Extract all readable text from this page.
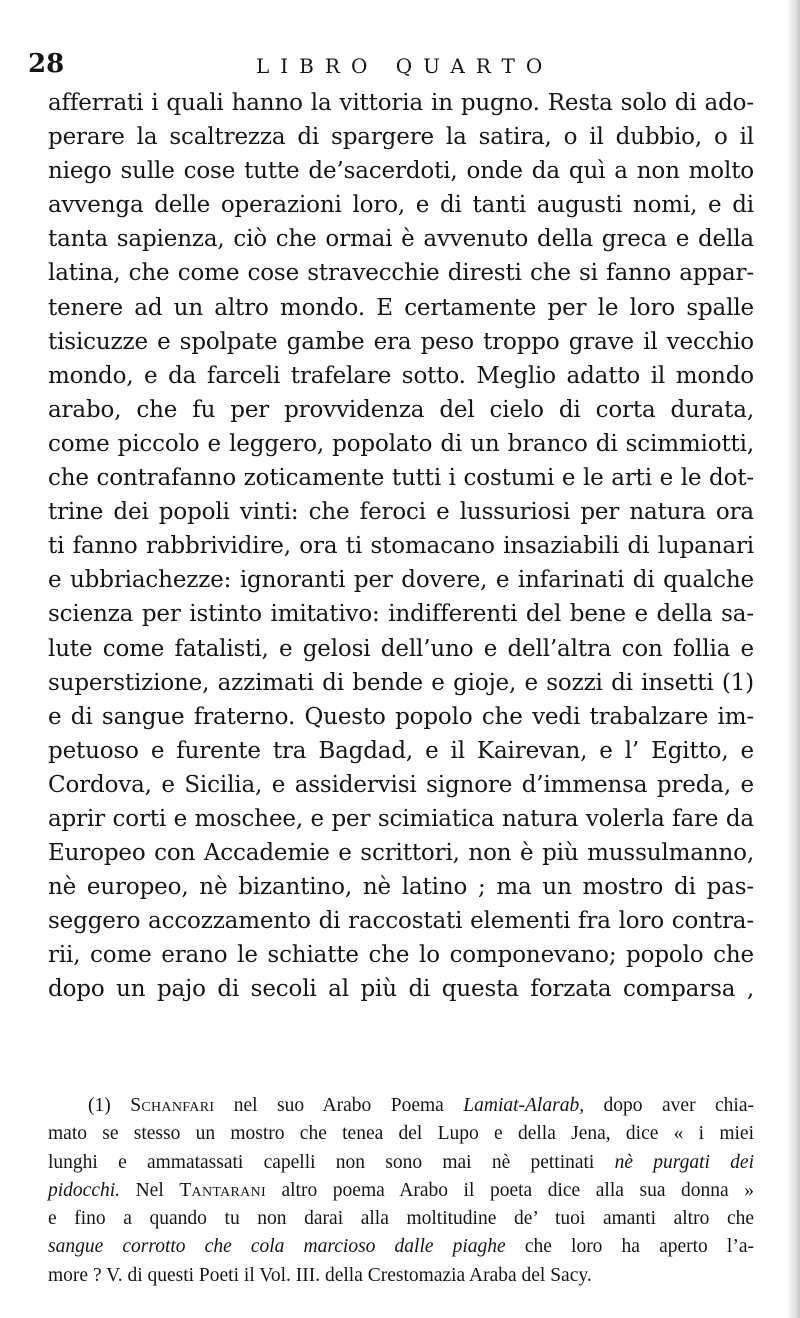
28	LIBRO QUARTO
afferrati i quali hanno la vittoria in pugno. Resta solo di ado-
perare la scaltrezza di spargere la satira, o il dubbio, o il
niego sulle cose tutte de’sacerdoti, onde da quì a non molto
avvenga delle operazioni loro, e di tanti augusti nomi, e di
tanta sapienza, ciò che ormai è avvenuto della greca e della
latina, che come cose stravecchie diresti che si fanno appar-
tenere ad un altro mondo. E certamente per le loro spalle
tisicuzze e spolpate gambe era peso troppo grave il vecchio
mondo, e da farceli trafelare sotto. Meglio adatto il mondo
arabo, che fu per provvidenza del cielo di corta durata,
come piccolo e leggero, popolato di un branco di scimmiotti,
che contrafanno zoticamente tutti i costumi e le arti e le dot-
trine dei popoli vinti: che feroci e lussuriosi per natura ora
ti fanno rabbrividire, ora ti stomacano insaziabili di lupanari
e ubbriachezze: ignoranti per dovere, e infarinati di qualche
scienza per istinto imitativo: indifferenti del bene e della sa-
lute come fatalisti, e gelosi dell’uno e dell’altra con follia e
superstizione, azzimati di bende e gioje, e sozzi di insetti (1)
e di sangue fraterno. Questo popolo che vedi trabalzare im-
petuoso e furente tra Bagdad, e il Kairevan, e l’ Egitto, e
Cordova, e Sicilia, e assidervisi signore d’immensa preda, e
aprir corti e moschee, e per scimiatica natura volerla fare da
Europeo con Accademie e scrittori, non è più mussulmanno,
nè europeo, nè bizantino, nè latino ; ma un mostro di pas-
seggero accozzamento di raccostati elementi fra loro contra-
rii, come erano le schiatte che lo componevano; popolo che
dopo un pajo di secoli al più di questa forzata comparsa ,
(1) Schanfari nel suo Arabo Poema Lamiat-Alarab, dopo aver chia-
mato se stesso un mostro che tenea del Lupo e della Jena, dice « i miei
lunghi e ammatassati capelli non sono mai nè pettinati nè purgati dei
pidocchi. Nel Tantarani altro poema Arabo il poeta dice alla sua donna »
e fino a quando tu non darai alla moltitudine de’ tuoi amanti altro che
sangue corrotto che cola marcioso dalle piaghe che loro ha aperto l’a-
more ? V. di questi Poeti il Vol. III. della Crestomazia Araba del Sacy.
